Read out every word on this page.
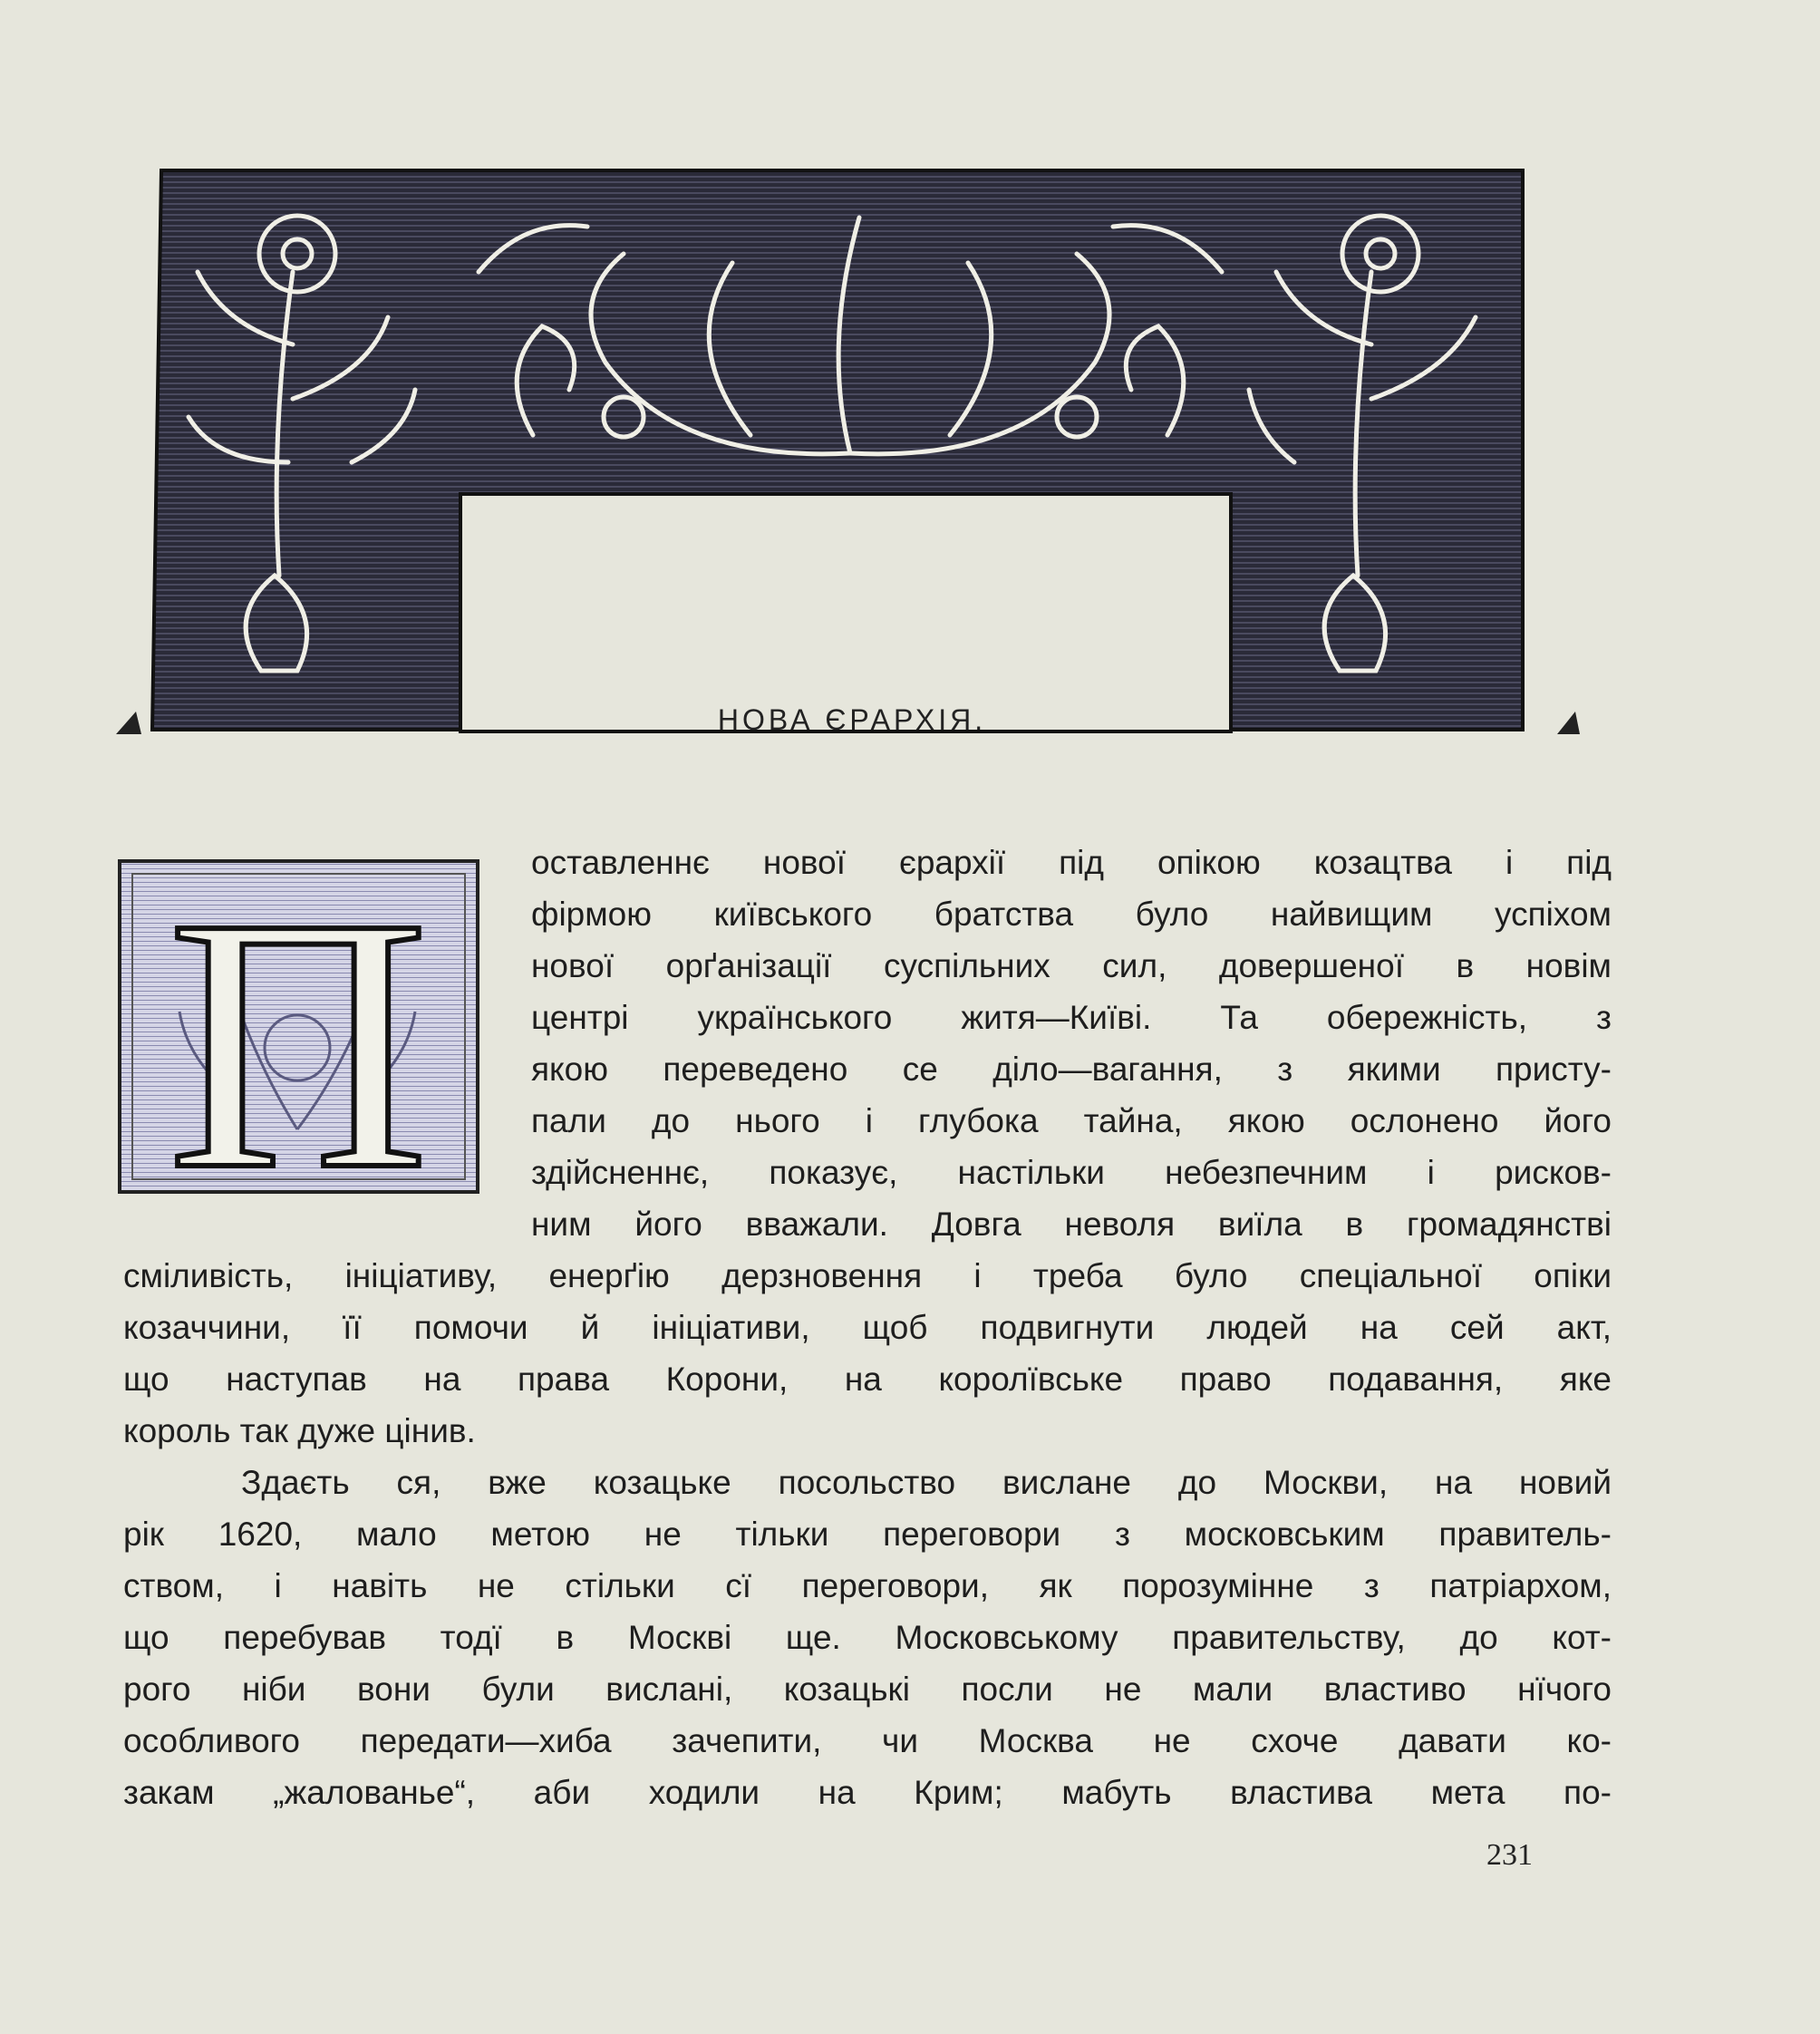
НОВА ЄРАРХІЯ.
П	оставленнє нової єрархії під опікою козацтва і під
фірмою київського братства було найвищим успіхом
нової орґанізації суспільних сил, довершеної в новім
центрі українського житя—Київі. Та обережність, з
якою переведено се діло—вагання, з якими присту-
пали до нього і глубока тайна, якою ослонено його
здійсненнє, показує, настільки небезпечним і рисков-
ним його вважали. Довга неволя виїла в громадянстві
сміливість, ініціативу, енерґію дерзновення і треба було спеціальної опіки
козаччини, її помочи й ініціативи, щоб подвигнути людей на сей акт,
що наступав на права Корони, на королївське право подавання, яке
король так дуже цінив.
Здаєть ся, вже козацьке посольство вислане до Москви, на новий
рік 1620, мало метою не тільки переговори з московським правитель-
ством, і навіть не стільки сї переговори, як порозумінне з патріархом,
що перебував тодї в Москві ще. Московському правительству, до кот-
рого ніби вони були вислані, козацькі посли не мали властиво нїчого
особливого передати—хиба зачепити, чи Москва не схоче давати ко-
закам „жалованье“, аби ходили на Крим; мабуть властива мета по-
231
